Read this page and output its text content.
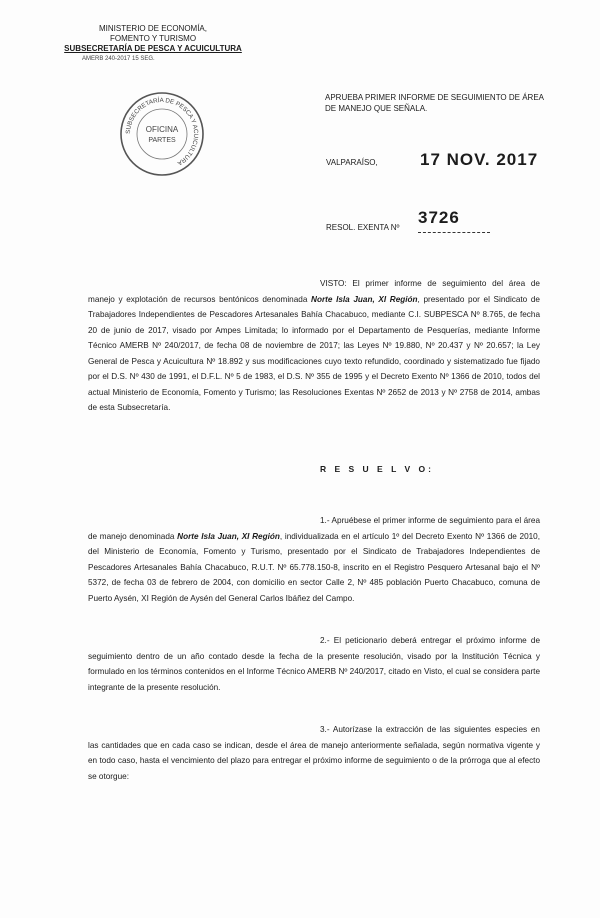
MINISTERIO DE ECONOMÍA,
FOMENTO Y TURISMO
SUBSECRETARÍA DE PESCA Y ACUICULTURA
AMERB 240-2017 15 SEG.
SUBSECRETARÍA DE PESCA Y ACUICULTURA
OFICINA
PARTES
APRUEBA PRIMER INFORME DE SEGUIMIENTO DE ÁREA DE MANEJO QUE SEÑALA.
VALPARAÍSO, 17 NOV. 2017
RESOL. EXENTA Nº
3726

VISTO: El primer informe de seguimiento del área de manejo y explotación de recursos bentónicos denominada Norte Isla Juan, XI Región, presentado por el Sindicato de Trabajadores Independientes de Pescadores Artesanales Bahía Chacabuco, mediante C.I. SUBPESCA Nº 8.765, de fecha 20 de junio de 2017, visado por Ampes Limitada; lo informado por el Departamento de Pesquerías, mediante Informe Técnico AMERB Nº 240/2017, de fecha 08 de noviembre de 2017; las Leyes Nº 19.880, Nº 20.437 y Nº 20.657; la Ley General de Pesca y Acuicultura Nº 18.892 y sus modificaciones cuyo texto refundido, coordinado y sistematizado fue fijado por el D.S. Nº 430 de 1991, el D.F.L. Nº 5 de 1983, el D.S. Nº 355 de 1995 y el Decreto Exento Nº 1366 de 2010, todos del actual Ministerio de Economía, Fomento y Turismo; las Resoluciones Exentas Nº 2652 de 2013 y Nº 2758 de 2014, ambas de esta Subsecretaría.

R E S U E L V O:

1.- Apruébese el primer informe de seguimiento para el área de manejo denominada Norte Isla Juan, XI Región, individualizada en el artículo 1º del Decreto Exento Nº 1366 de 2010, del Ministerio de Economía, Fomento y Turismo, presentado por el Sindicato de Trabajadores Independientes de Pescadores Artesanales Bahía Chacabuco, R.U.T. Nº 65.778.150-8, inscrito en el Registro Pesquero Artesanal bajo el Nº 5372, de fecha 03 de febrero de 2004, con domicilio en sector Calle 2, Nº 485 población Puerto Chacabuco, comuna de Puerto Aysén, XI Región de Aysén del General Carlos Ibáñez del Campo.

2.- El peticionario deberá entregar el próximo informe de seguimiento dentro de un año contado desde la fecha de la presente resolución, visado por la Institución Técnica y formulado en los términos contenidos en el Informe Técnico AMERB Nº 240/2017, citado en Visto, el cual se considera parte integrante de la presente resolución.

3.- Autorízase la extracción de las siguientes especies en las cantidades que en cada caso se indican, desde el área de manejo anteriormente señalada, según normativa vigente y en todo caso, hasta el vencimiento del plazo para entregar el próximo informe de seguimiento o de la prórroga que al efecto se otorgue:
